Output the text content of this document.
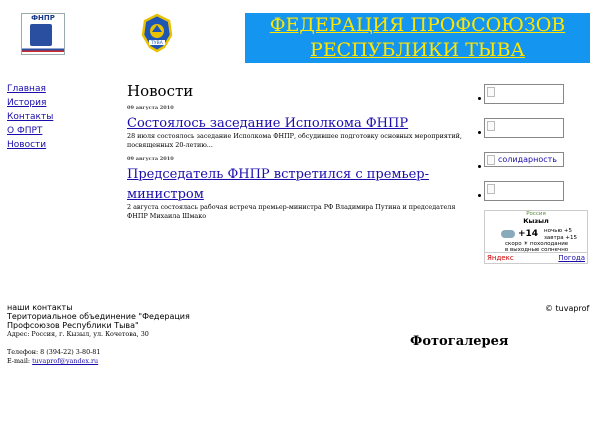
ФНПР
ТУВА
ФЕДЕРАЦИЯ ПРОФСОЮЗОВ
РЕСПУБЛИКИ ТЫВА
Главная
История
Контакты
О ФПРТ
Новости
Новости
09 августа 2010
Состоялось заседание Исполкома ФНПР
28 июля состоялось заседание Исполкома ФНПР, обсудившее подготовку основных мероприятий, посвященных 20-летию...
09 августа 2010
Председатель ФНПР встретился с премьер-министром
2 августа состоялась рабочая встреча премьер-министра РФ Владимира Путина и председателя ФНПР Михаила Шмако
солидарность
Россия
Кызыл
+14 ночью +5
завтра +15
скоро ☀ похолодание
в выходные солнечно
Яндекс	Погода
наши контакты
Териториальное объединение "Федерация
Профсоюзов Республики Тыва"
Адрес: Россия, г. Кызыл, ул. Кочетова, 30

Телефон: 8 (394-22) 3-80-81
E-mail: tuvaprof@yandex.ru
© tuvaprof
Фотогалерея
